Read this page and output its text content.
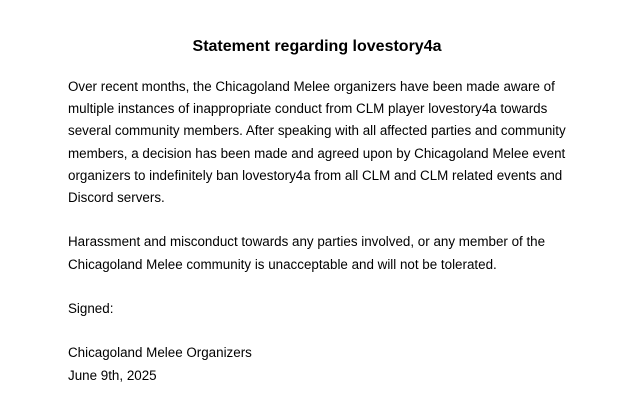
Statement regarding lovestory4a

Over recent months, the Chicagoland Melee organizers have been made aware of
multiple instances of inappropriate conduct from CLM player lovestory4a towards
several community members. After speaking with all affected parties and community
members, a decision has been made and agreed upon by Chicagoland Melee event
organizers to indefinitely ban lovestory4a from all CLM and CLM related events and
Discord servers.

Harassment and misconduct towards any parties involved, or any member of the
Chicagoland Melee community is unacceptable and will not be tolerated.

Signed:

Chicagoland Melee Organizers
June 9th, 2025
